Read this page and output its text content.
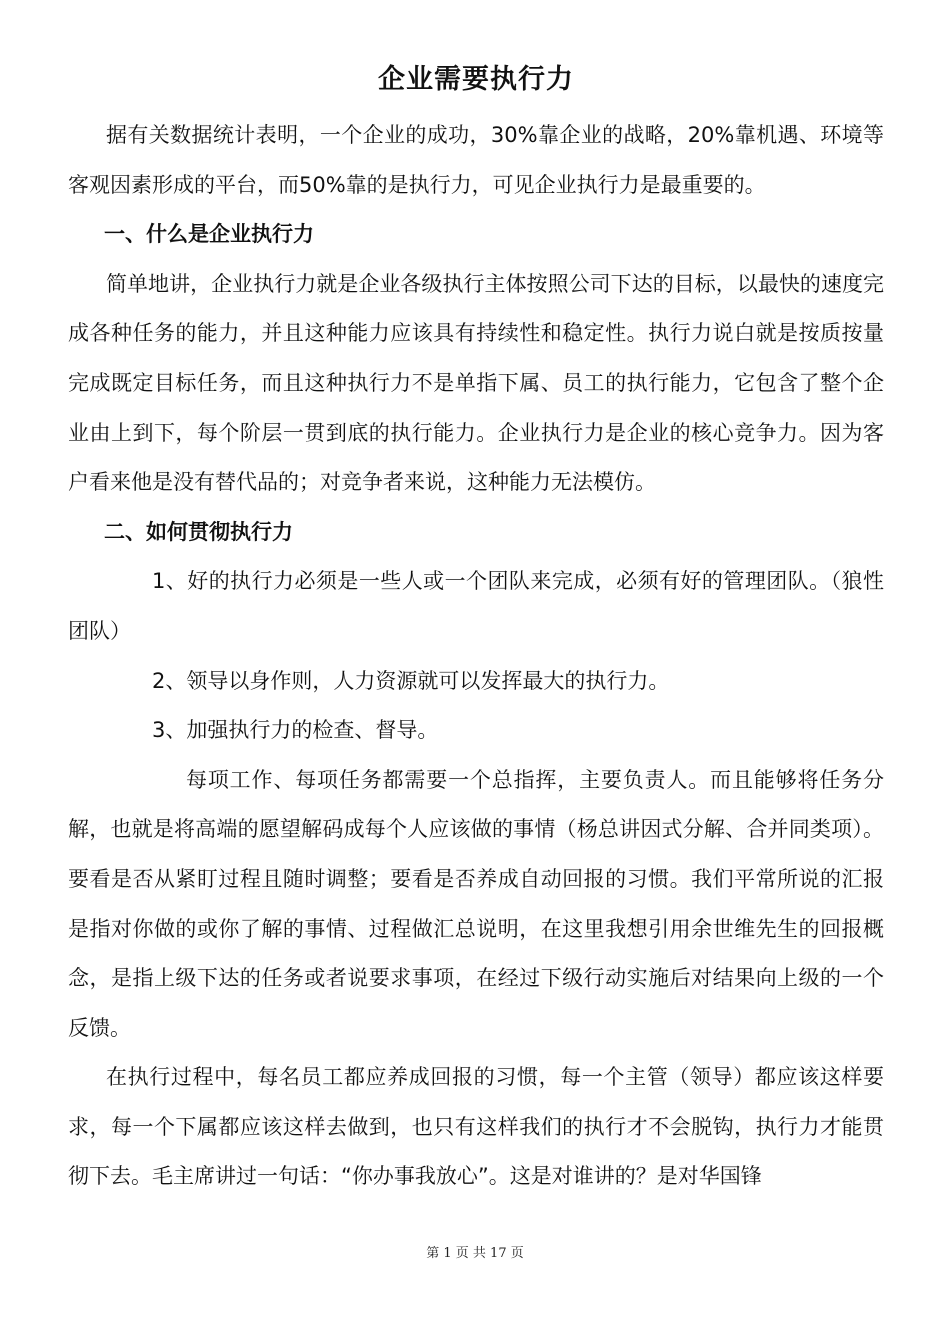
企业需要执行力

据有关数据统计表明，一个企业的成功，30%靠企业的战略，20%靠机遇、环境等客观因素形成的平台，而50%靠的是执行力，可见企业执行力是最重要的。

一、什么是企业执行力

简单地讲，企业执行力就是企业各级执行主体按照公司下达的目标，以最快的速度完成各种任务的能力，并且这种能力应该具有持续性和稳定性。执行力说白就是按质按量完成既定目标任务，而且这种执行力不是单指下属、员工的执行能力，它包含了整个企业由上到下，每个阶层一贯到底的执行能力。企业执行力是企业的核心竞争力。因为客户看来他是没有替代品的；对竞争者来说，这种能力无法模仿。

二、如何贯彻执行力

1、好的执行力必须是一些人或一个团队来完成，必须有好的管理团队。（狼性团队）

2、领导以身作则，人力资源就可以发挥最大的执行力。

3、加强执行力的检查、督导。

每项工作、每项任务都需要一个总指挥，主要负责人。而且能够将任务分解，也就是将高端的愿望解码成每个人应该做的事情（杨总讲因式分解、合并同类项）。要看是否从紧盯过程且随时调整；要看是否养成自动回报的习惯。我们平常所说的汇报是指对你做的或你了解的事情、过程做汇总说明，在这里我想引用余世维先生的回报概念，是指上级下达的任务或者说要求事项，在经过下级行动实施后对结果向上级的一个反馈。

在执行过程中，每名员工都应养成回报的习惯，每一个主管（领导）都应该这样要求，每一个下属都应该这样去做到，也只有这样我们的执行才不会脱钩，执行力才能贯彻下去。毛主席讲过一句话：“你办事我放心”。这是对谁讲的？是对华国锋

第 1 页 共 17 页
